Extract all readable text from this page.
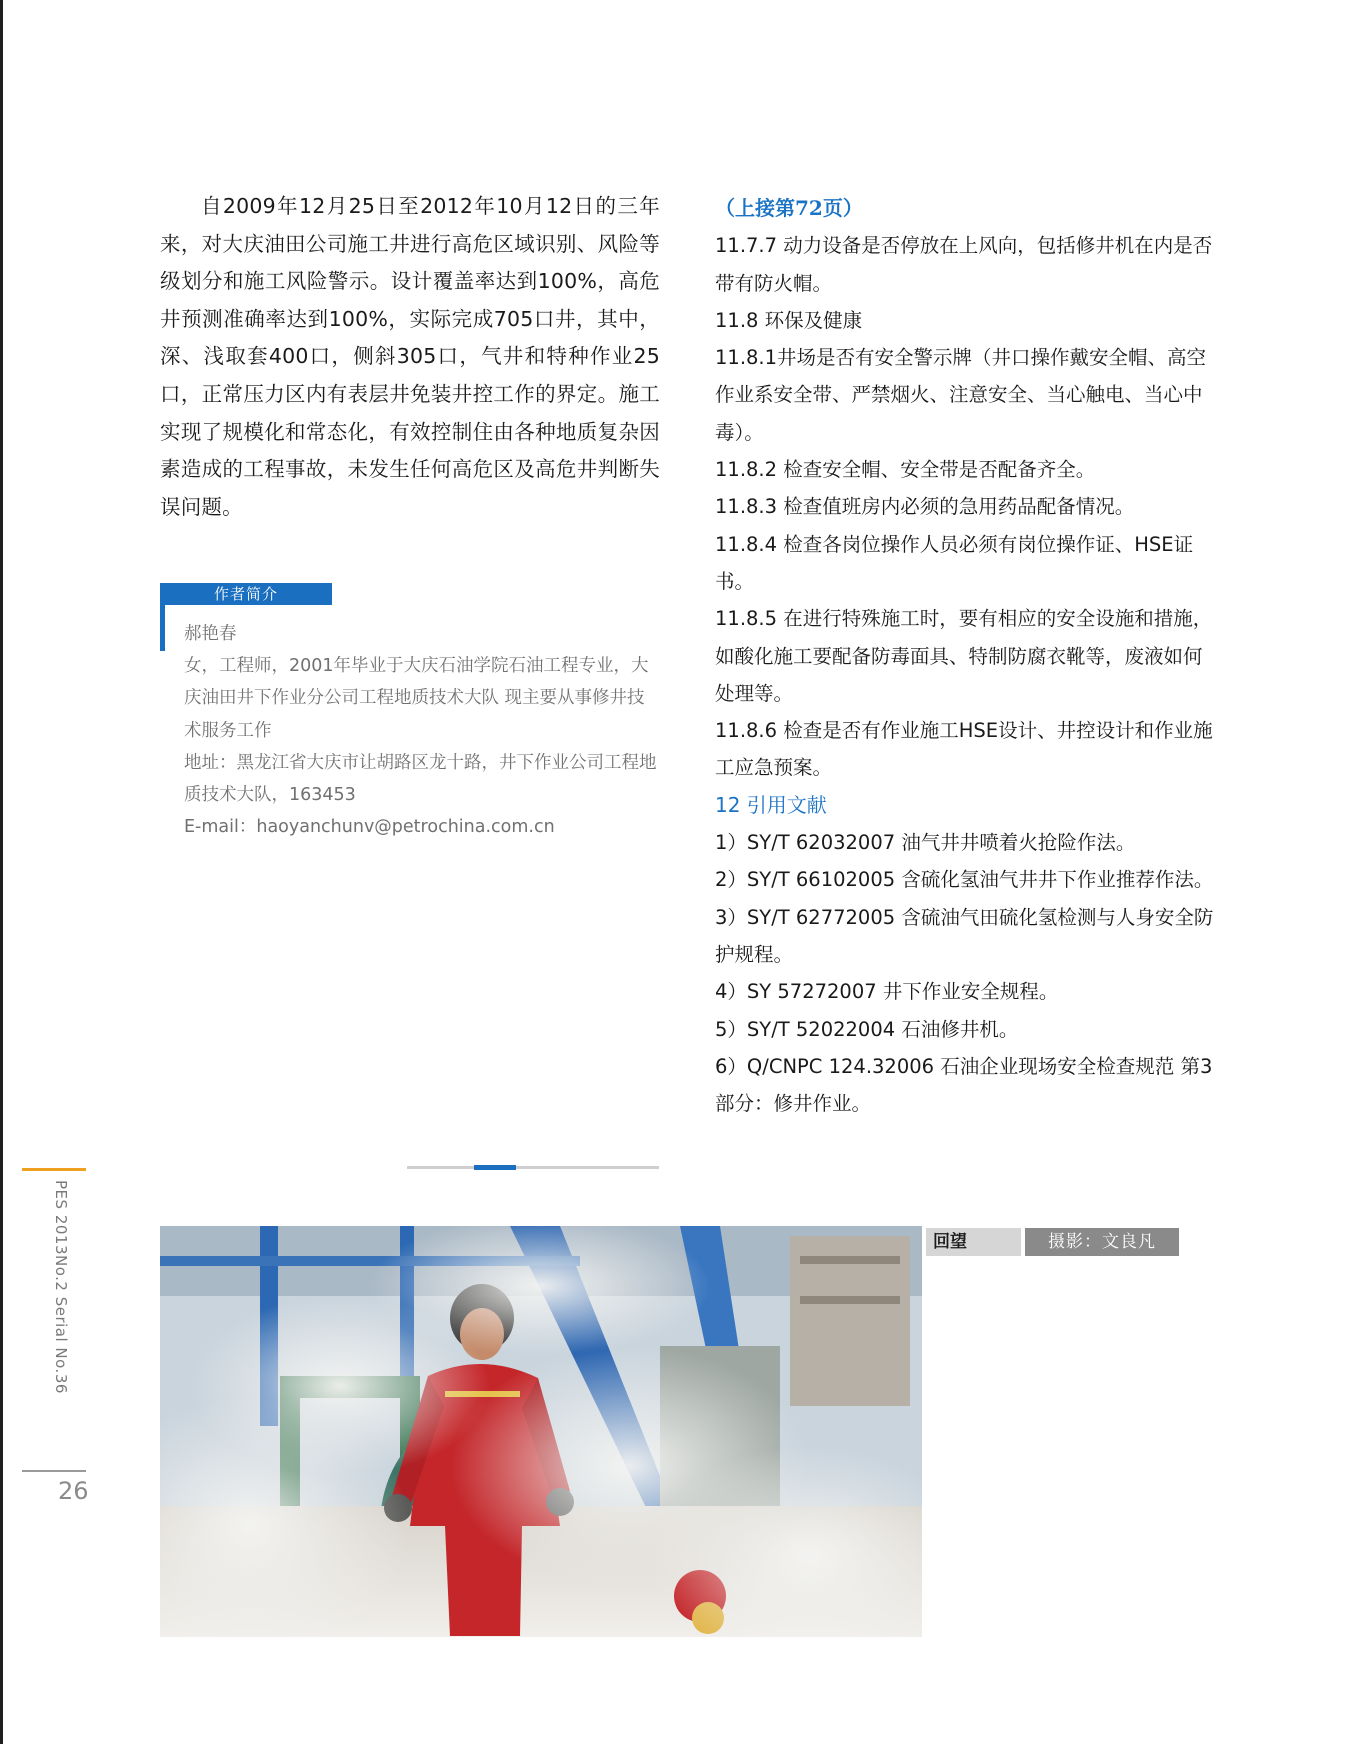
自2009年12月25日至2012年10月12日的三年来，对大庆油田公司施工井进行高危区域识别、风险等级划分和施工风险警示。设计覆盖率达到100%，高危井预测准确率达到100%，实际完成705口井，其中，深、浅取套400口，侧斜305口，气井和特种作业25口，正常压力区内有表层井免装井控工作的界定。施工实现了规模化和常态化，有效控制住由各种地质复杂因素造成的工程事故，未发生任何高危区及高危井判断失误问题。

作者简介

郝艳春

女，工程师，2001年毕业于大庆石油学院石油工程专业，大庆油田井下作业分公司工程地质技术大队 现主要从事修井技术服务工作

地址：黑龙江省大庆市让胡路区龙十路，井下作业公司工程地质技术大队，163453

E-mail：haoyanchunv@petrochina.com.cn

（上接第72页）

11.7.7 动力设备是否停放在上风向，包括修井机在内是否带有防火帽。

11.8 环保及健康

11.8.1井场是否有安全警示牌（井口操作戴安全帽、高空作业系安全带、严禁烟火、注意安全、当心触电、当心中毒）。

11.8.2 检查安全帽、安全带是否配备齐全。

11.8.3 检查值班房内必须的急用药品配备情况。

11.8.4 检查各岗位操作人员必须有岗位操作证、HSE证书。

11.8.5 在进行特殊施工时，要有相应的安全设施和措施，如酸化施工要配备防毒面具、特制防腐衣靴等，废液如何处理等。

11.8.6 检查是否有作业施工HSE设计、井控设计和作业施工应急预案。

12 引用文献

1）SY/T 62032007 油气井井喷着火抢险作法。

2）SY/T 66102005 含硫化氢油气井井下作业推荐作法。

3）SY/T 62772005 含硫油气田硫化氢检测与人身安全防护规程。

4）SY 57272007 井下作业安全规程。

5）SY/T 52022004 石油修井机。

6）Q/CNPC 124.32006 石油企业现场安全检查规范 第3部分：修井作业。

PES 2013No.2 Serial No.36
26
回望	摄影：文良凡
